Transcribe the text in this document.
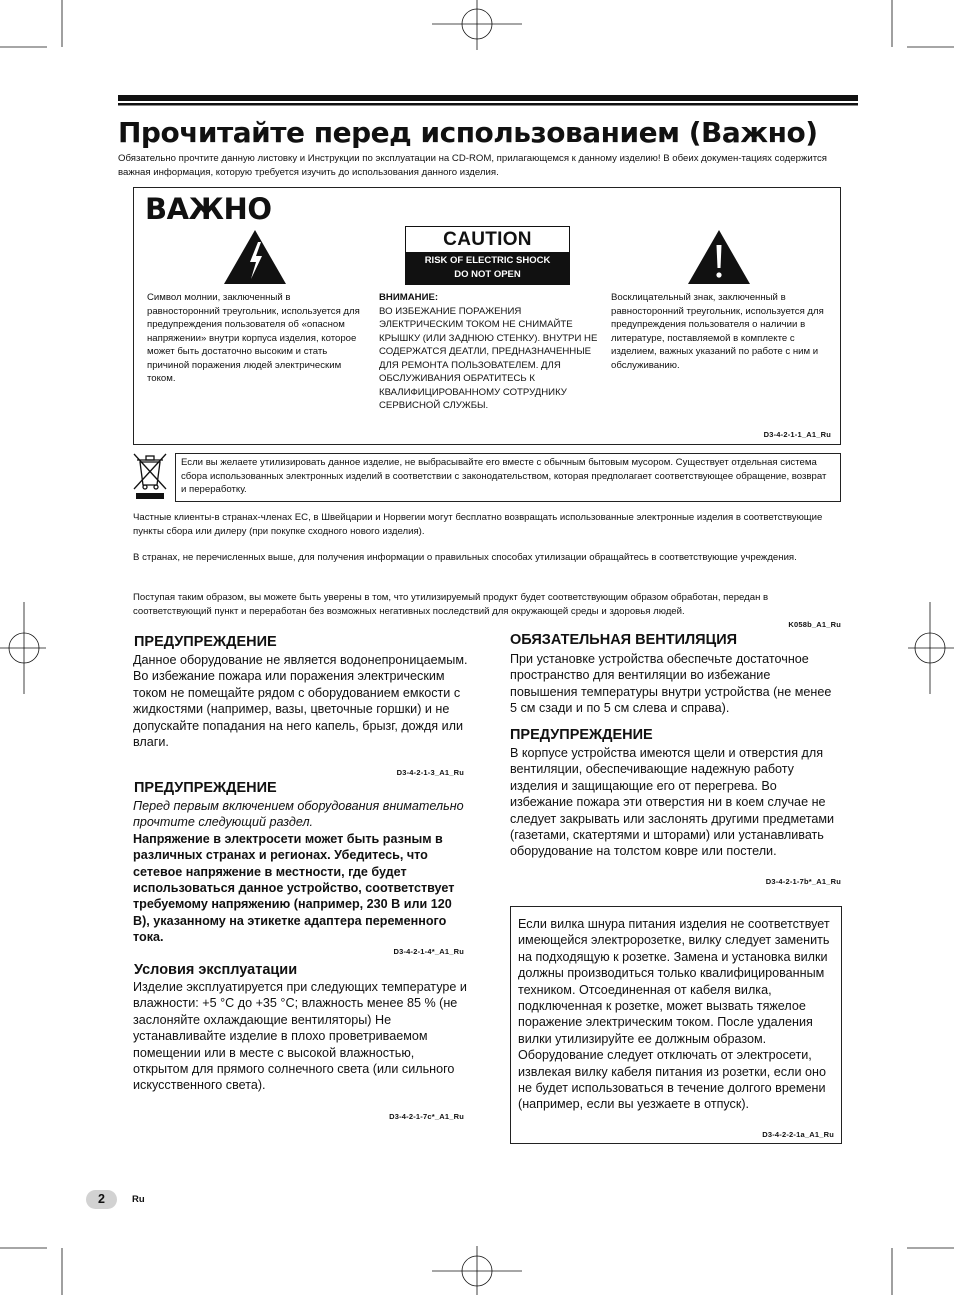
Прочитайте перед использованием (Важно)
Обязательно прочтите данную листовку и Инструкции по эксплуатации на CD-ROM, прилагающемся к данному изделию! В обеих докумен-тациях содержится важная информация, которую требуется изучить до использования данного изделия.
ВАЖНО
CAUTION
RISK OF ELECTRIC SHOCK
DO NOT OPEN
Символ молнии, заключенный в равносторонний треугольник, используется для предупреждения пользователя об «опасном напряжении» внутри корпуса изделия, которое может быть достаточно высоким и стать причиной поражения людей электрическим током.
ВНИМАНИЕ:
ВО ИЗБЕЖАНИЕ ПОРАЖЕНИЯ ЭЛЕКТРИЧЕСКИМ ТОКОМ НЕ СНИМАЙТЕ КРЫШКУ (ИЛИ ЗАДНЮЮ СТЕНКУ). ВНУТРИ НЕ СОДЕРЖАТСЯ ДЕАТЛИ, ПРЕДНАЗНАЧЕННЫЕ ДЛЯ РЕМОНТА ПОЛЬЗОВАТЕЛЕМ. ДЛЯ ОБСЛУЖИВАНИЯ ОБРАТИТЕСЬ К КВАЛИФИЦИРОВАННОМУ СОТРУДНИКУ СЕРВИСНОЙ СЛУЖБЫ.
Восклицательный знак, заключенный в равносторонний треугольник, используется для предупреждения пользователя о наличии в литературе, поставляемой в комплекте с изделием, важных указаний по работе с ним и обслуживанию.
D3-4-2-1-1_A1_Ru
Если вы желаете утилизировать данное изделие, не выбрасывайте его вместе с обычным бытовым мусором. Существует отдельная система сбора использованных электронных изделий в соответствии с законодательством, которая предполагает соответствующее обращение, возврат и переработку.
Частные клиенты-в странах-членах ЕС, в Швейцарии и Норвегии могут бесплатно возвращать использованные электронные изделия в соответствующие пункты сбора или дилеру (при покупке сходного нового изделия).
В странах, не перечисленных выше, для получения информации о правильных способах утилизации обращайтесь в соответствующие учреждения.
Поступая таким образом, вы можете быть уверены в том, что утилизируемый продукт будет соответствующим образом обработан, передан в соответствующий пункт и переработан без возможных негативных последствий для окружающей среды и здоровья людей.
K058b_A1_Ru
ПРЕДУПРЕЖДЕНИЕ
Данное оборудование не является водонепроницаемым. Во избежание пожара или поражения электрическим током не помещайте рядом с оборудованием емкости с жидкостями (например, вазы, цветочные горшки) и не допускайте попадания на него капель, брызг, дождя или влаги.
D3-4-2-1-3_A1_Ru
ПРЕДУПРЕЖДЕНИЕ
Перед первым включением оборудования внимательно прочтите следующий раздел.
Напряжение в электросети может быть разным в различных странах и регионах. Убедитесь, что сетевое напряжение в местности, где будет использоваться данное устройство, соответствует требуемому напряжению (например, 230 В или 120 В), указанному на этикетке адаптера переменного тока.
D3-4-2-1-4*_A1_Ru
Условия эксплуатации
Изделие эксплуатируется при следующих температуре и влажности: +5 °C до +35 °C; влажность менее 85 % (не заслоняйте охлаждающие вентиляторы) Не устанавливайте изделие в плохо проветриваемом помещении или в месте с высокой влажностью, открытом для прямого солнечного света (или сильного искусственного света).
D3-4-2-1-7c*_A1_Ru
ОБЯЗАТЕЛЬНАЯ ВЕНТИЛЯЦИЯ
При установке устройства обеспечьте достаточное пространство для вентиляции во избежание повышения температуры внутри устройства (не менее 5 см сзади и по 5 см слева и справа).
ПРЕДУПРЕЖДЕНИЕ
В корпусе устройства имеются щели и отверстия для вентиляции, обеспечивающие надежную работу изделия и защищающие его от перегрева. Во избежание пожара эти отверстия ни в коем случае не следует закрывать или заслонять другими предметами (газетами, скатертями и шторами) или устанавливать оборудование на толстом ковре или постели.
D3-4-2-1-7b*_A1_Ru
Если вилка шнура питания изделия не соответствует имеющейся электророзетке, вилку следует заменить на подходящую к розетке. Замена и установка вилки должны производиться только квалифицированным техником. Отсоединенная от кабеля вилка, подключенная к розетке, может вызвать тяжелое поражение электрическим током. После удаления вилки утилизируйте ее должным образом. Оборудование следует отключать от электросети, извлекая вилку кабеля питания из розетки, если оно не будет использоваться в течение долгого времени (например, если вы уезжаете в отпуск).
D3-4-2-2-1a_A1_Ru
2	Ru
